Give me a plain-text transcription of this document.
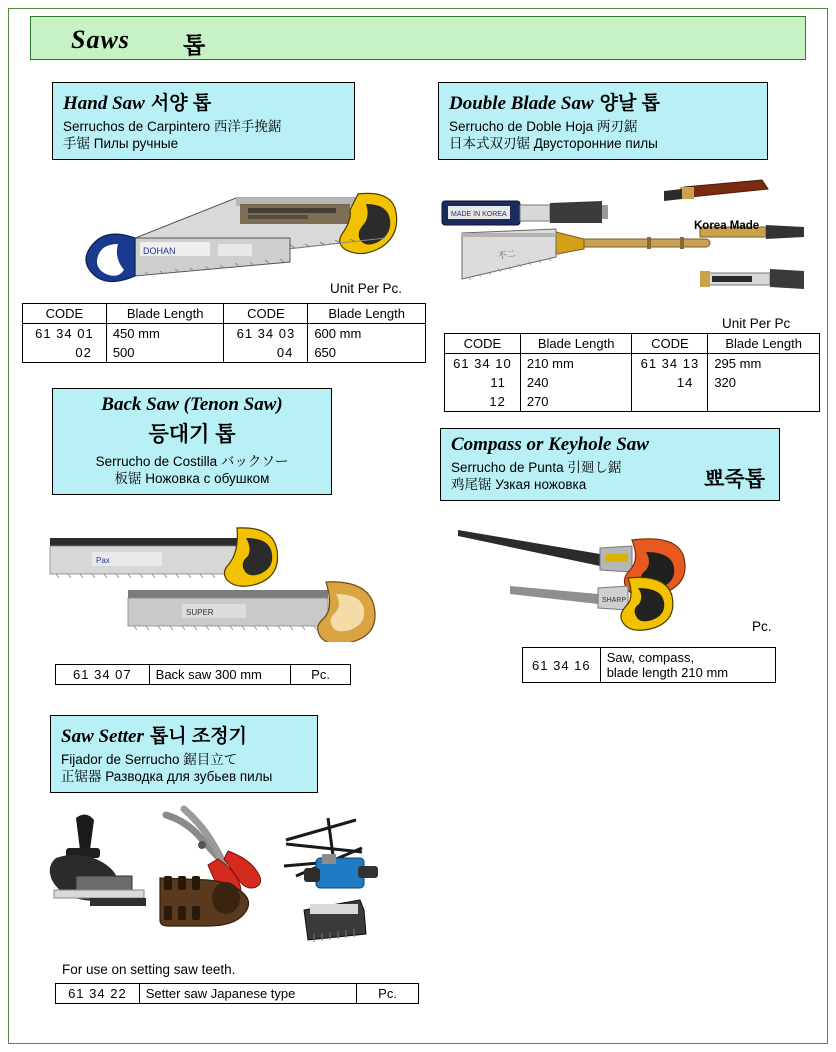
Saws 톱
Hand Saw 서양 톱
Serruchos de Carpintero 西洋手挽鋸
手锯 Пилы ручные
DOHAN
Unit Per Pc.
CODE	Blade Length	CODE	Blade Length
61 34 01	450 mm	61 34 03	600 mm
02	500	04	650
Double Blade Saw 양날 톱
Serrucho de Doble Hoja 两刃鋸
日本式双刃锯 Двусторонние пилы
MADE IN KOREA
不二
Korea Made
Unit Per Pc
CODE	Blade Length	CODE	Blade Length
61 34 10	210 mm	61 34 13	295 mm
11	240	14	320
12	270		
Back Saw (Tenon Saw)
등대기 톱
Serrucho de Costilla バックソー
板锯 Ножовка с обушком
Pax
SUPER
61 34 07	Back saw 300 mm	Pc.
Compass or Keyhole Saw
Serrucho de Punta 引廻し鋸
鸡尾锯 Узкая ножовка	뾰죽톱
SHARP
Pc.
61 34 16	Saw, compass,
blade length 210 mm
Saw Setter 톱니 조정기
Fijador de Serrucho 鋸目立て
正锯器 Разводка для зубьев пилы
For use on setting saw teeth.
61 34 22	Setter saw Japanese type	Pc.
